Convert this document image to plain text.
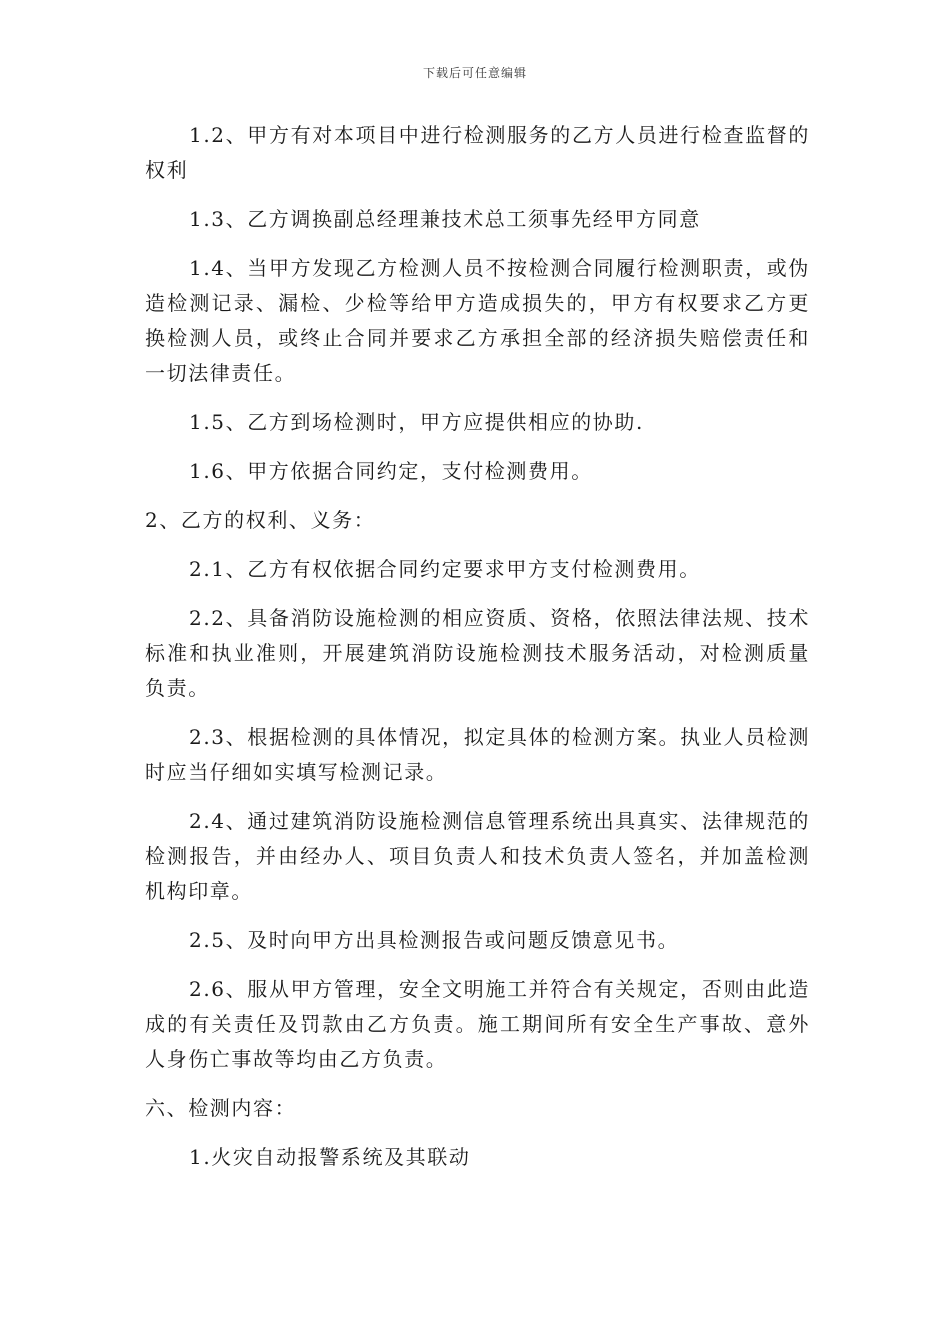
下载后可任意编辑

1.2、甲方有对本项目中进行检测服务的乙方人员进行检查监督的权利

1.3、乙方调换副总经理兼技术总工须事先经甲方同意

1.4、当甲方发现乙方检测人员不按检测合同履行检测职责，或伪造检测记录、漏检、少检等给甲方造成损失的，甲方有权要求乙方更换检测人员，或终止合同并要求乙方承担全部的经济损失赔偿责任和一切法律责任。

1.5、乙方到场检测时，甲方应提供相应的协助.

1.6、甲方依据合同约定，支付检测费用。

2、乙方的权利、义务：

2.1、乙方有权依据合同约定要求甲方支付检测费用。

2.2、具备消防设施检测的相应资质、资格，依照法律法规、技术标准和执业准则，开展建筑消防设施检测技术服务活动，对检测质量负责。

2.3、根据检测的具体情况，拟定具体的检测方案。执业人员检测时应当仔细如实填写检测记录。

2.4、通过建筑消防设施检测信息管理系统出具真实、法律规范的检测报告，并由经办人、项目负责人和技术负责人签名，并加盖检测机构印章。

2.5、及时向甲方出具检测报告或问题反馈意见书。

2.6、服从甲方管理，安全文明施工并符合有关规定，否则由此造成的有关责任及罚款由乙方负责。施工期间所有安全生产事故、意外人身伤亡事故等均由乙方负责。

六、检测内容：

1.火灾自动报警系统及其联动
